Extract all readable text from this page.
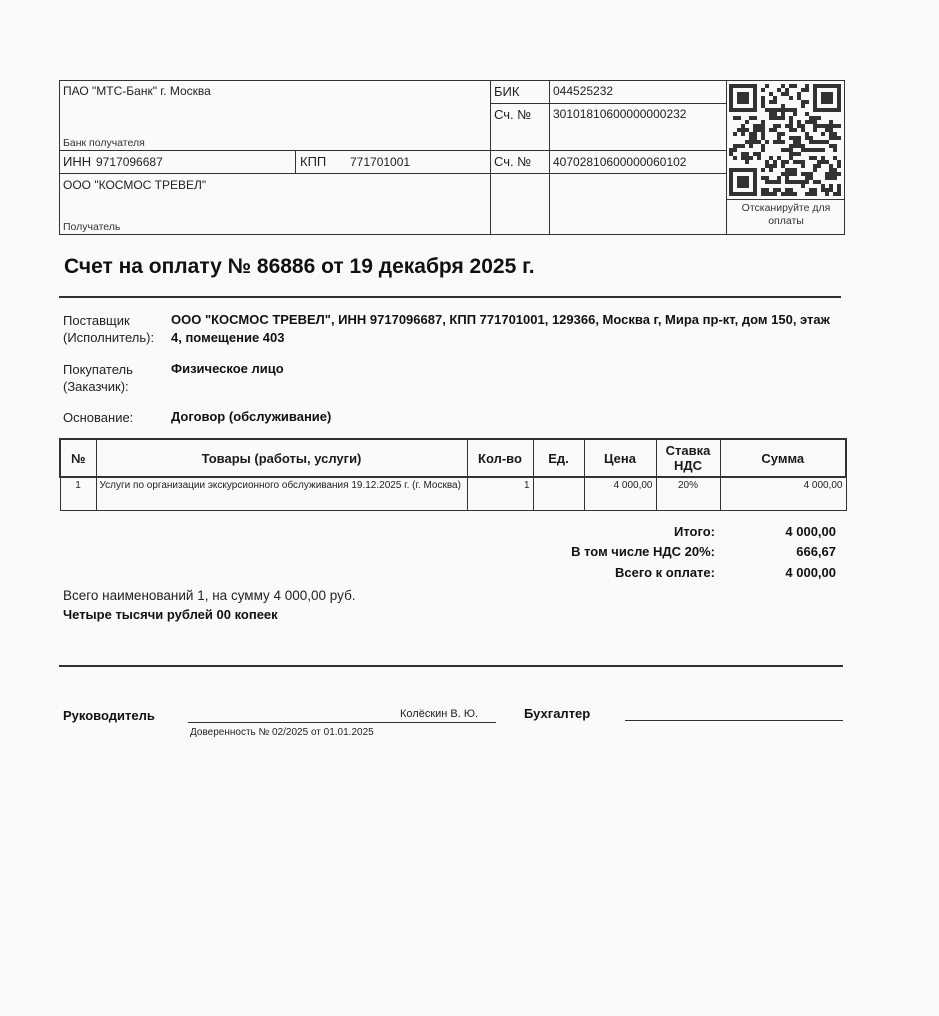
ПАО "МТС-Банк" г. Москва
Банк получателя
БИК	044525232
Сч. № 30101810600000000232
ИНН 9717096687	КПП 771701001	Сч. № 40702810600000060102
ООО "КОСМОС ТРЕВЕЛ"
Получатель
Отсканируйте для оплаты
Счет на оплату № 86886 от 19 декабря 2025 г.
Поставщик (Исполнитель):
ООО "КОСМОС ТРЕВЕЛ", ИНН 9717096687, КПП 771701001, 129366, Москва г, Мира пр-кт, дом 150, этаж 4, помещение 403
Покупатель (Заказчик):
Физическое лицо
Основание:	Договор (обслуживание)
№	Товары (работы, услуги)	Кол-во	Ед.	Цена	Ставка НДС	Сумма
1	Услуги по организации экскурсионного обслуживания 19.12.2025 г. (г. Москва)	1		4 000,00	20%	4 000,00
Итого:	4 000,00
В том числе НДС 20%:	666,67
Всего к оплате:	4 000,00
Всего наименований 1, на сумму 4 000,00 руб.
Четыре тысячи рублей 00 копеек
Руководитель	Колёскин В. Ю.
Доверенность № 02/2025 от 01.01.2025
Бухгалтер
